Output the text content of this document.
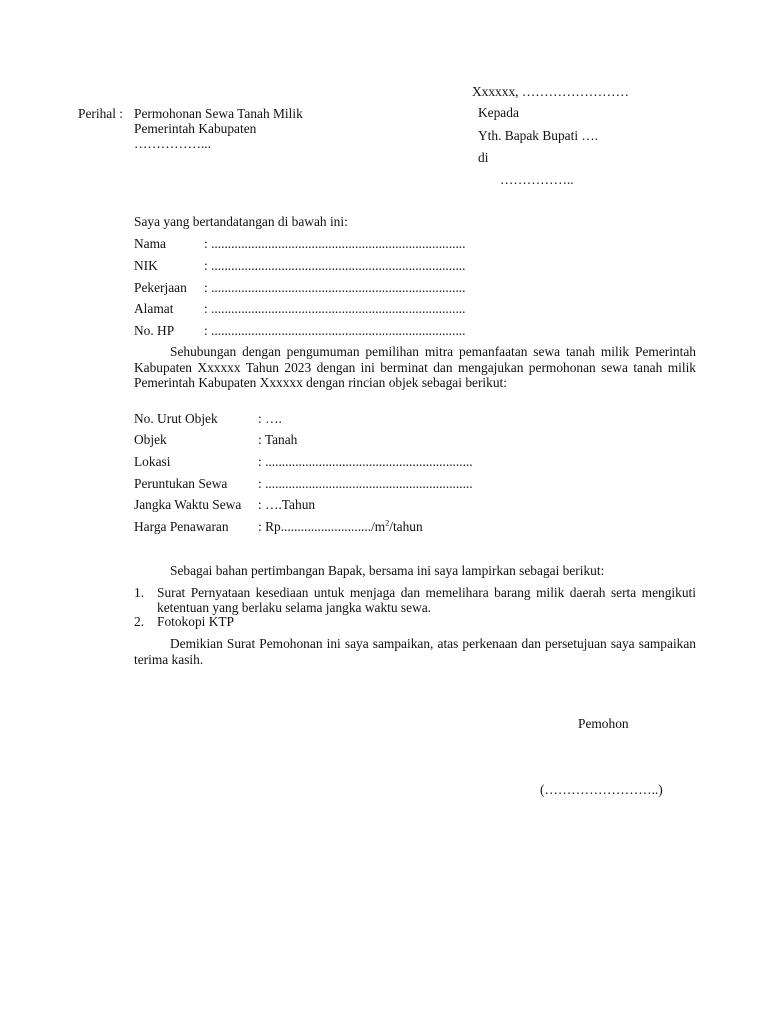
Xxxxxx, ……………………
Kepada
Yth. Bapak Bupati ….
di
……………..
Perihal : Permohonan Sewa Tanah Milik
Pemerintah Kabupaten
……………...
Saya yang bertandatangan di bawah ini:
Nama	: ............................................................................
NIK	: ............................................................................
Pekerjaan : ............................................................................
Alamat : ............................................................................
No. HP : ............................................................................
Sehubungan dengan pengumuman pemilihan mitra pemanfaatan sewa tanah milik Pemerintah Kabupaten Xxxxxx Tahun 2023 dengan ini berminat dan mengajukan permohonan sewa tanah milik Pemerintah Kabupaten Xxxxxx dengan rincian objek sebagai berikut:
No. Urut Objek	: ….
Objek	: Tanah
Lokasi	: ..............................................................
Peruntukan Sewa : ..............................................................
Jangka Waktu Sewa : ….Tahun
Harga Penawaran : $Rp.........................../m^2$/tahun
Sebagai bahan pertimbangan Bapak, bersama ini saya lampirkan sebagai berikut:
1. Surat Pernyataan kesediaan untuk menjaga dan memelihara barang milik daerah serta mengikuti ketentuan yang berlaku selama jangka waktu sewa.
2. Fotokopi KTP
Demikian Surat Pemohonan ini saya sampaikan, atas perkenaan dan persetujuan saya sampaikan terima kasih.
Pemohon
(……………………..)
